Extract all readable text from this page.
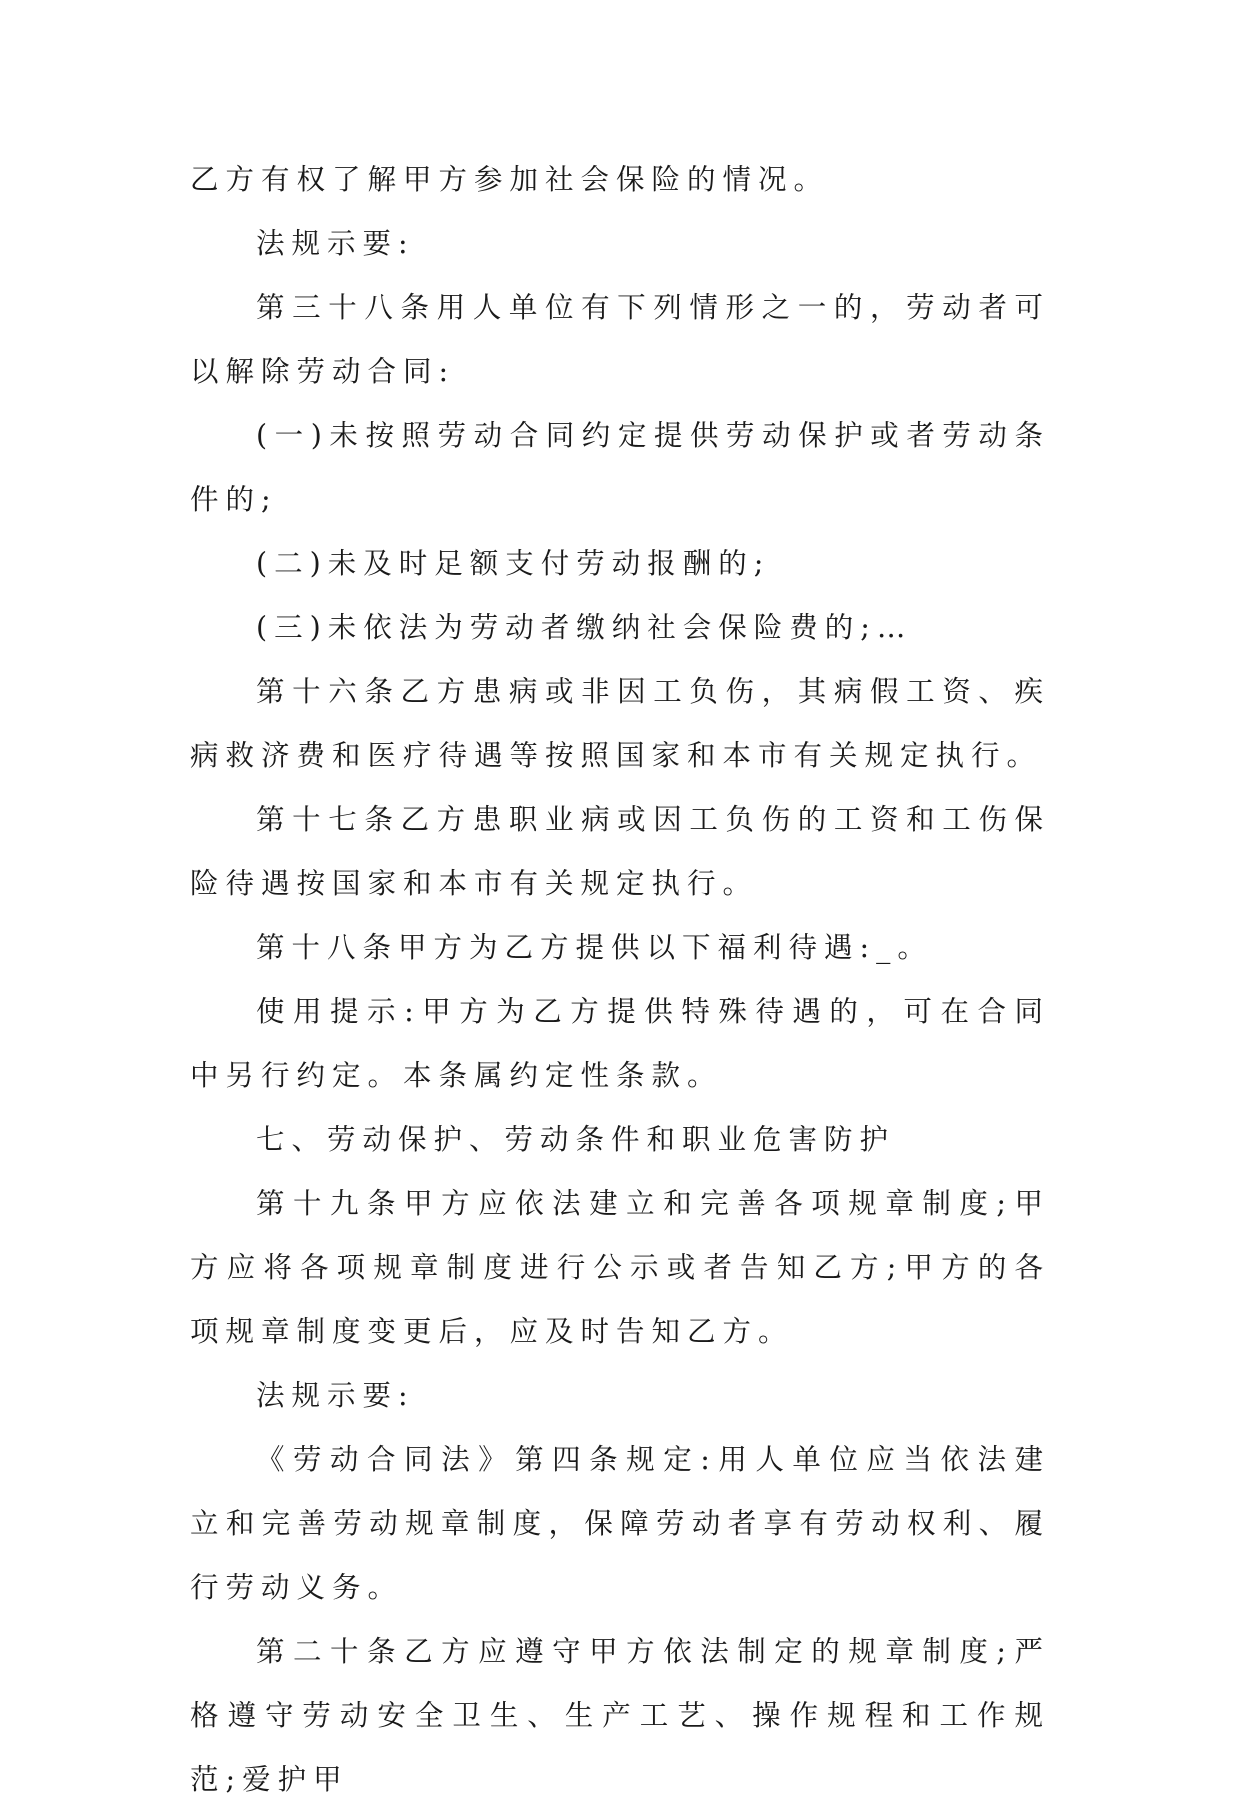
乙方有权了解甲方参加社会保险的情况。

法规示要:

第三十八条用人单位有下列情形之一的，劳动者可以解除劳动合同:

(一)未按照劳动合同约定提供劳动保护或者劳动条件的;

(二)未及时足额支付劳动报酬的;

(三)未依法为劳动者缴纳社会保险费的;…

第十六条乙方患病或非因工负伤，其病假工资、疾病救济费和医疗待遇等按照国家和本市有关规定执行。

第十七条乙方患职业病或因工负伤的工资和工伤保险待遇按国家和本市有关规定执行。

第十八条甲方为乙方提供以下福利待遇:_。

使用提示:甲方为乙方提供特殊待遇的，可在合同中另行约定。本条属约定性条款。

七、劳动保护、劳动条件和职业危害防护

第十九条甲方应依法建立和完善各项规章制度;甲方应将各项规章制度进行公示或者告知乙方;甲方的各项规章制度变更后，应及时告知乙方。

法规示要:

《劳动合同法》第四条规定:用人单位应当依法建立和完善劳动规章制度，保障劳动者享有劳动权利、履行劳动义务。

第二十条乙方应遵守甲方依法制定的规章制度;严格遵守劳动安全卫生、生产工艺、操作规程和工作规范;爱护甲
